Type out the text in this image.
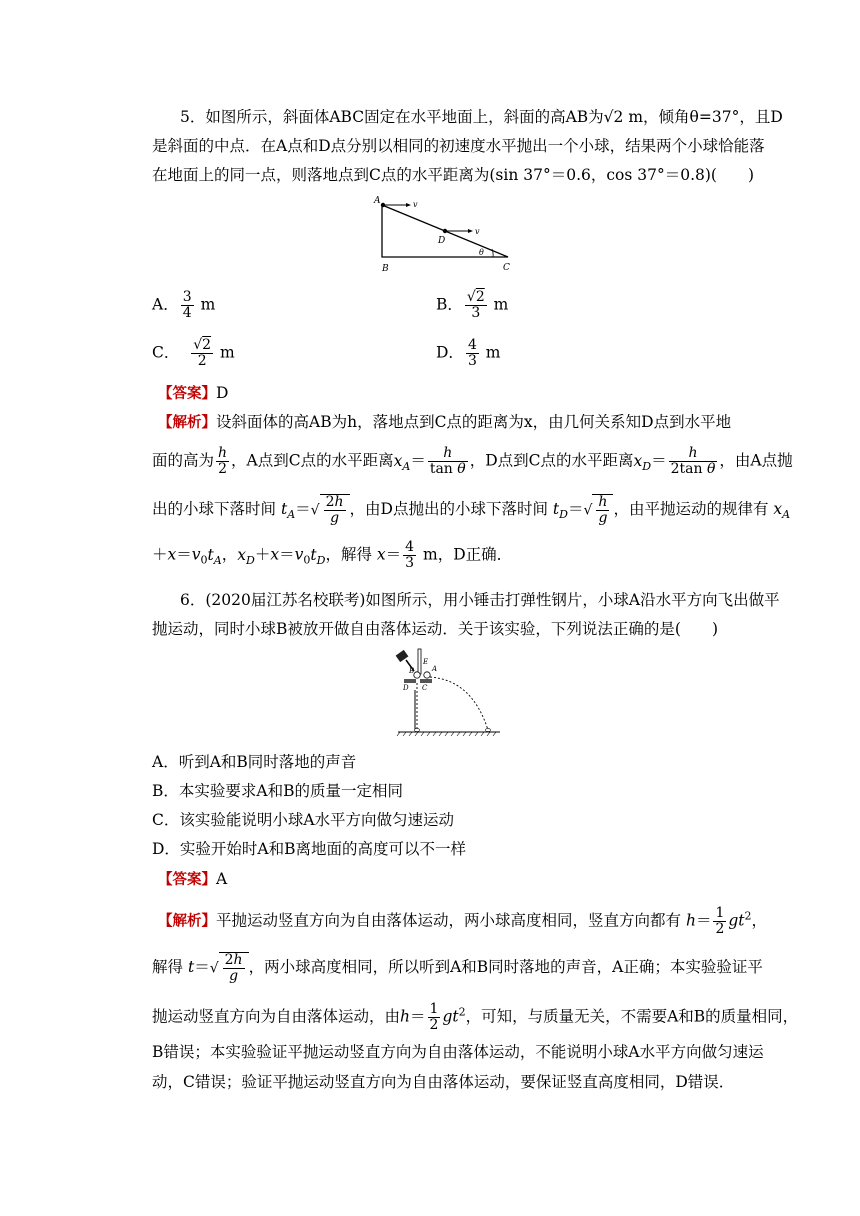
5．如图所示，斜面体ABC固定在水平地面上，斜面的高AB为√2 m，倾角θ=37°，且D
是斜面的中点．在A点和D点分别以相同的初速度水平抛出一个小球，结果两个小球恰能落
在地面上的同一点，则落地点到C点的水平距离为(sin 37°＝0.6，cos 37°＝0.8)(　　)
A	v
D
v
θ
B	C
A． $\frac{3}{4}$ m	B． $\frac{√2}{3}$ m
C． $\frac{√2}{2}$ m	D． $\frac{4}{3}$ m
【答案】D
【解析】设斜面体的高AB为h，落地点到C点的距离为x，由几何关系知D点到水平地
面的高为 $\frac{h}{2}$ ，A点到C点的水平距离$x_A= \frac{h}{\text{tan θ}}$ ，D点到C点的水平距离$x_D= \frac{h}{\text{2tan θ}}$ ，由A点抛
出的小球下落时间 $t_A=√ \frac{2h}{g}$ ，由D点抛出的小球下落时间 $t_D=√ \frac{h}{g}$ ，由平抛运动的规律有 $x_A$
$+x=v_0t_A$，$x_D+x=v_0t_D$，解得 $x= \frac{4}{3}$ m，D正确．
6．(2020届江苏名校联考)如图所示，用小锤击打弹性钢片，小球A沿水平方向飞出做平
抛运动，同时小球B被放开做自由落体运动．关于该实验，下列说法正确的是(　　)
E
B	A
D C
A．听到A和B同时落地的声音
B．本实验要求A和B的质量一定相同
C．该实验能说明小球A水平方向做匀速运动
D．实验开始时A和B离地面的高度可以不一样
【答案】A
【解析】平抛运动竖直方向为自由落体运动，两小球高度相同，竖直方向都有 $h= \frac{1}{2} gt^2$，
解得 $t=√ \frac{2h}{g}$ ，两小球高度相同，所以听到A和B同时落地的声音，A正确；本实验验证平
抛运动竖直方向为自由落体运动，由$h= \frac{1}{2} gt^2$，可知，与质量无关，不需要A和B的质量相同，
B错误；本实验验证平抛运动竖直方向为自由落体运动，不能说明小球A水平方向做匀速运
动，C错误；验证平抛运动竖直方向为自由落体运动，要保证竖直高度相同，D错误．
